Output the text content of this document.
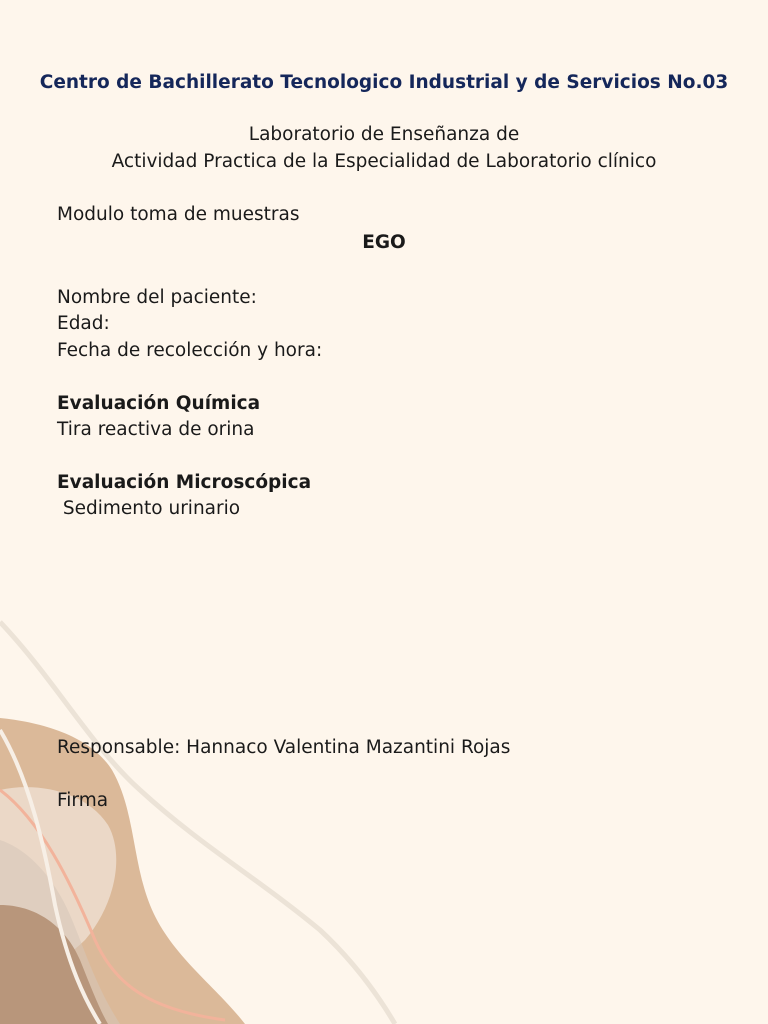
Centro de Bachillerato Tecnologico Industrial y de Servicios No.03
Laboratorio de Enseñanza de
Actividad Practica de la Especialidad de Laboratorio clínico
Modulo toma de muestras
EGO
Nombre del paciente:
Edad:
Fecha de recolección y hora:
Evaluación Química
Tira reactiva de orina
Evaluación Microscópica
Sedimento urinario
Responsable: Hannaco Valentina Mazantini Rojas
Firma
